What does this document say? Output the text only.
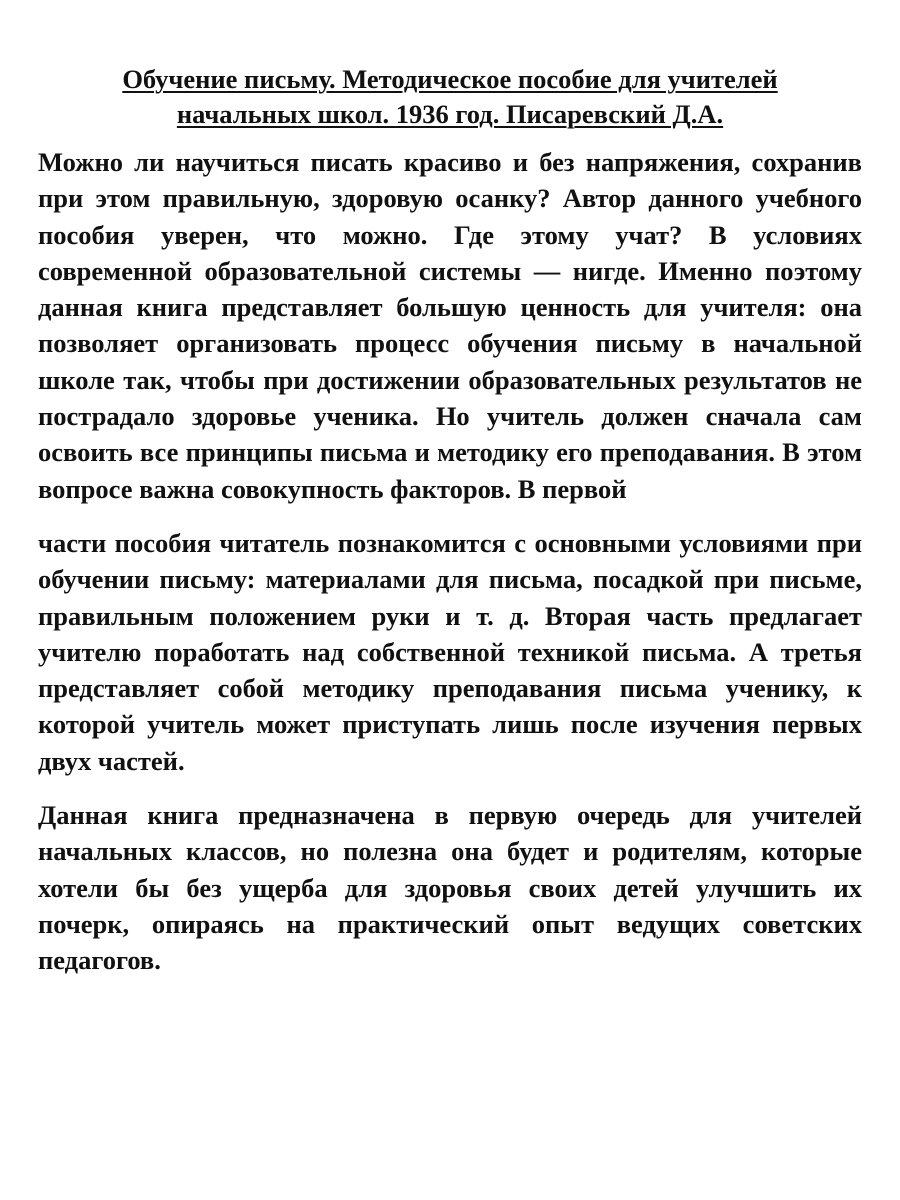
Обучение письму. Методическое пособие для учителей
начальных школ. 1936 год. Писаревский Д.А.

Можно ли научиться писать красиво и без напряжения, сохранив при этом правильную, здоровую осанку? Автор данного учебного пособия уверен, что можно. Где этому учат? В условиях современной образовательной системы — нигде. Именно поэтому данная книга представляет большую ценность для учителя: она позволяет организовать процесс обучения письму в начальной школе так, чтобы при достижении образовательных результатов не пострадало здоровье ученика. Но учитель должен сначала сам освоить все принципы письма и методику его преподавания. В этом вопросе важна совокупность факторов. В первой

части пособия читатель познакомится с основными условиями при обучении письму: материалами для письма, посадкой при письме, правильным положением руки и т. д. Вторая часть предлагает учителю поработать над собственной техникой письма. А третья представляет собой методику преподавания письма ученику, к которой учитель может приступать лишь после изучения первых двух частей.

Данная книга предназначена в первую очередь для учителей начальных классов, но полезна она будет и родителям, которые хотели бы без ущерба для здоровья своих детей улучшить их почерк, опираясь на практический опыт ведущих советских педагогов.
